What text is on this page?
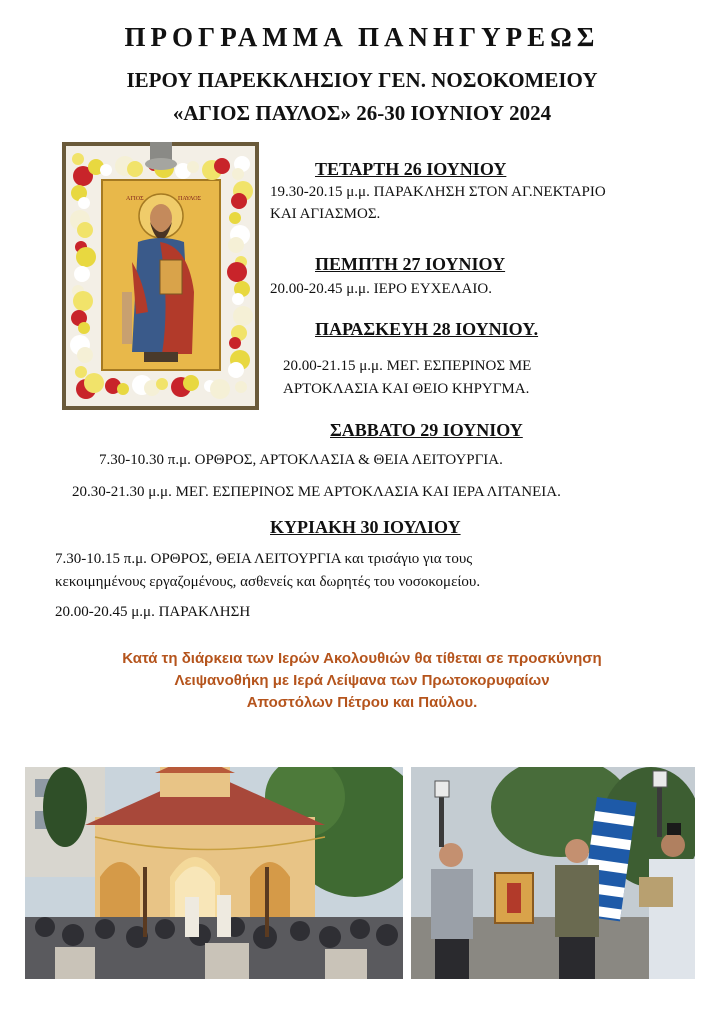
ΠΡΟΓΡΑΜΜΑ ΠΑΝΗΓΥΡΕΩΣ
ΙΕΡΟΥ ΠΑΡΕΚΚΛΗΣΙΟΥ ΓΕΝ. ΝΟΣΟΚΟΜΕΙΟΥ
«ΑΓΙΟΣ ΠΑΥΛΟΣ» 26-30 ΙΟΥΝΙΟΥ 2024
ΑΓΙΟΣ	ΠΑΥΛΟΣ
ΤΕΤΑΡΤΗ 26 ΙΟΥΝΙΟΥ
19.30-20.15 μ.μ. ΠΑΡΑΚΛΗΣΗ ΣΤΟΝ ΑΓ.ΝΕΚΤΑΡΙΟ
ΚΑΙ ΑΓΙΑΣΜΟΣ.
ΠΕΜΠΤΗ 27 ΙΟΥΝΙΟΥ
20.00-20.45 μ.μ. ΙΕΡΟ ΕΥΧΕΛΑΙΟ.
ΠΑΡΑΣΚΕΥΗ 28 ΙΟΥΝΙΟΥ.
20.00-21.15 μ.μ. ΜΕΓ. ΕΣΠΕΡΙΝΟΣ ΜΕ
ΑΡΤΟΚΛΑΣΙΑ ΚΑΙ ΘΕΙΟ ΚΗΡΥΓΜΑ.
ΣΑΒΒΑΤΟ 29 ΙΟΥΝΙΟΥ
7.30-10.30 π.μ. ΟΡΘΡΟΣ, ΑΡΤΟΚΛΑΣΙΑ & ΘΕΙΑ ΛΕΙΤΟΥΡΓΙΑ.
20.30-21.30 μ.μ. ΜΕΓ. ΕΣΠΕΡΙΝΟΣ ΜΕ ΑΡΤΟΚΛΑΣΙΑ ΚΑΙ ΙΕΡΑ ΛΙΤΑΝΕΙΑ.
ΚΥΡΙΑΚΗ 30 ΙΟΥΛΙΟΥ
7.30-10.15 π.μ. ΟΡΘΡΟΣ, ΘΕΙΑ ΛΕΙΤΟΥΡΓΙΑ και τρισάγιο για τους
κεκοιμημένους εργαζομένους, ασθενείς και δωρητές του νοσοκομείου.
20.00-20.45 μ.μ. ΠΑΡΑΚΛΗΣΗ
Κατά τη διάρκεια των Ιερών Ακολουθιών θα τίθεται σε προσκύνηση
Λειψανοθήκη με Ιερά Λείψανα των Πρωτοκορυφαίων
Αποστόλων Πέτρου και Παύλου.
